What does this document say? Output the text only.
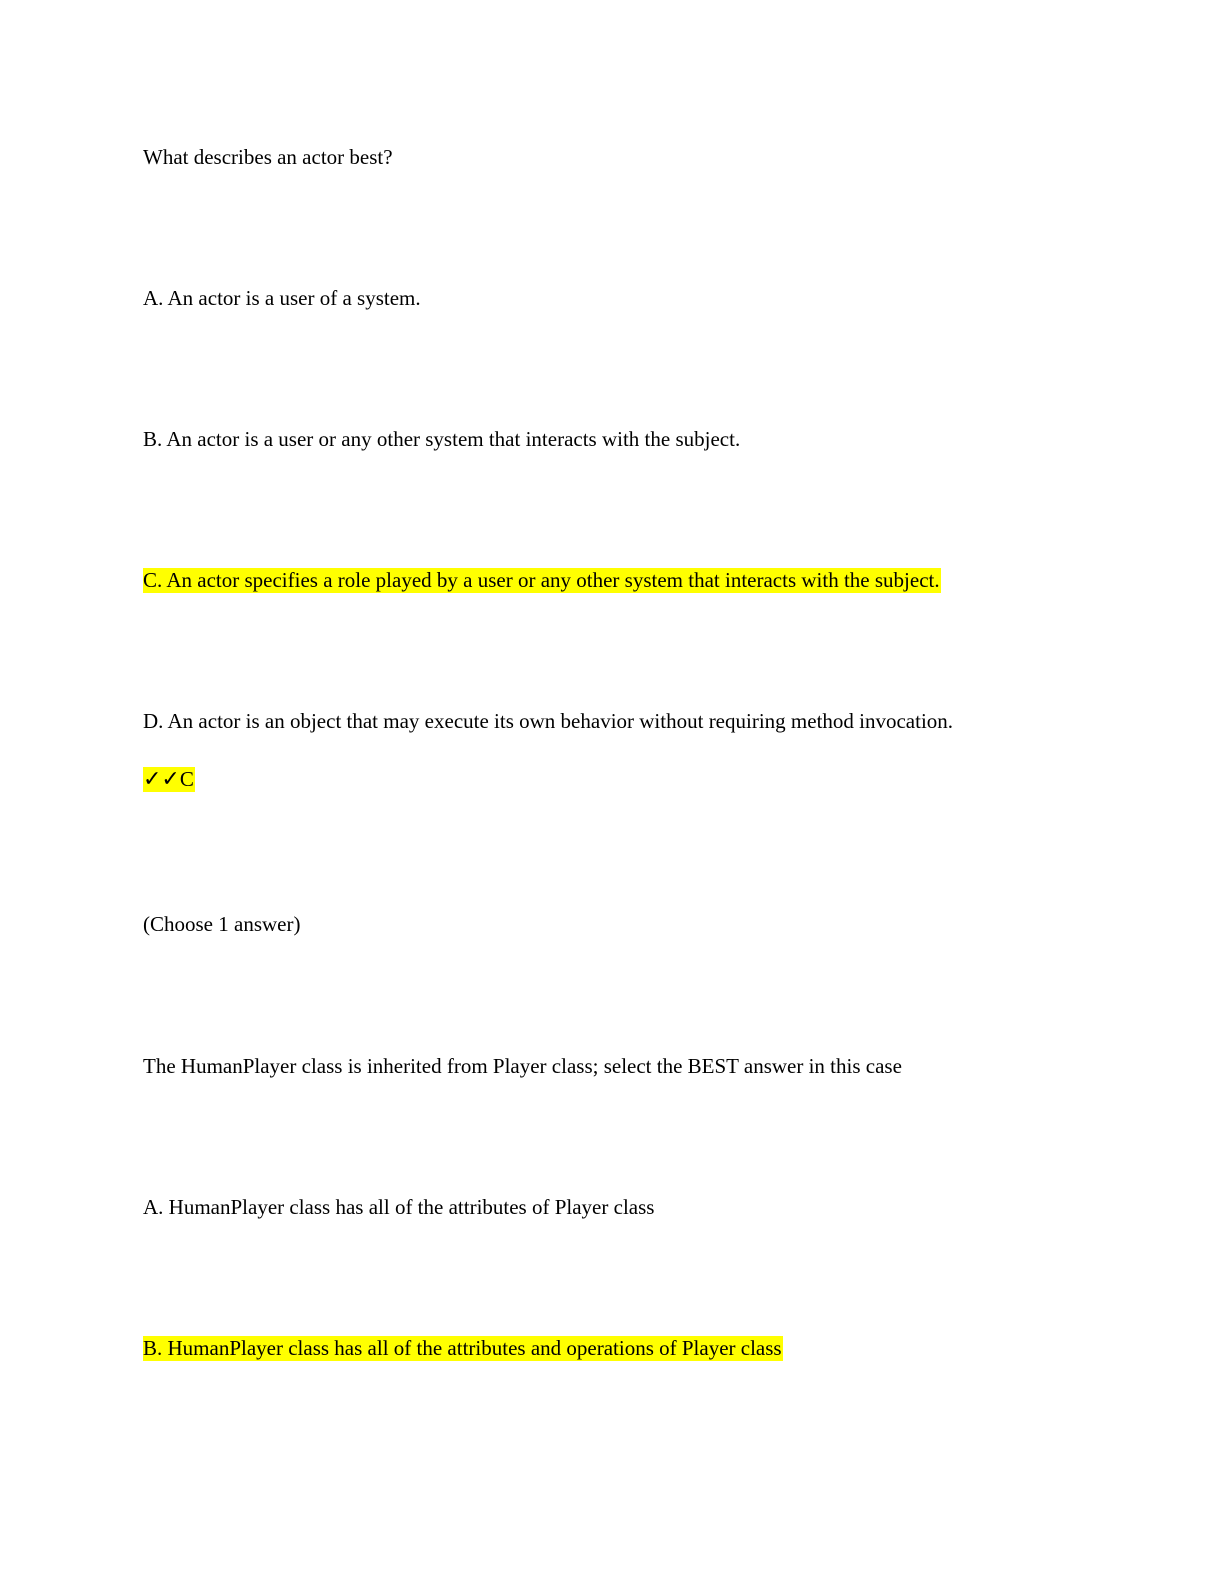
What describes an actor best?
A. An actor is a user of a system.
B. An actor is a user or any other system that interacts with the subject.
C. An actor specifies a role played by a user or any other system that interacts with the subject.
D. An actor is an object that may execute its own behavior without requiring method invocation.
✓✓C
(Choose 1 answer)
The HumanPlayer class is inherited from Player class; select the BEST answer in this case
A. HumanPlayer class has all of the attributes of Player class
B. HumanPlayer class has all of the attributes and operations of Player class
